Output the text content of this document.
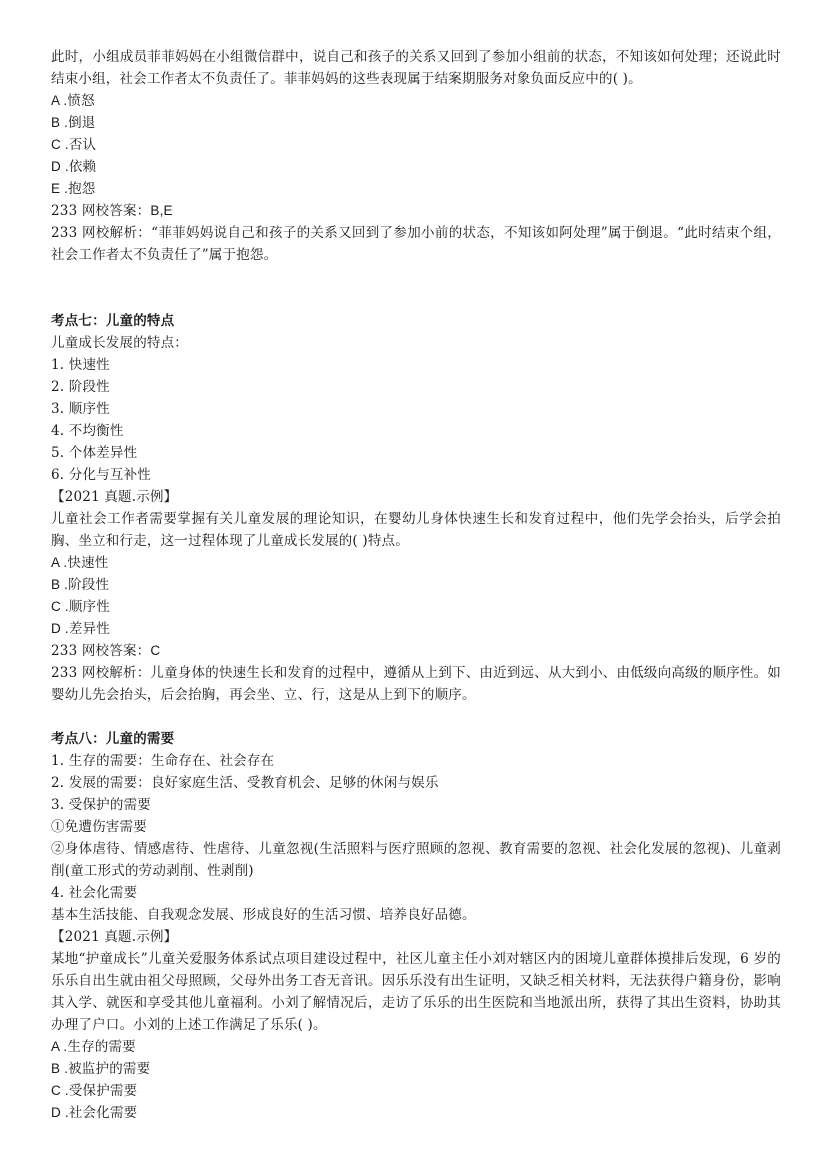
此时，小组成员菲菲妈妈在小组微信群中，说自己和孩子的关系又回到了参加小组前的状态，不知该如何处理；还说此时结束小组，社会工作者太不负责任了。菲菲妈妈的这些表现属于结案期服务对象负面反应中的( )。
A .愤怒
B .倒退
C .否认
D .依赖
E .抱怨
233 网校答案：B,E
233 网校解析：“菲菲妈妈说自己和孩子的关系又回到了参加小前的状态，不知该如阿处理”属于倒退。“此时结束个组，社会工作者太不负责任了”属于抱怨。
考点七：儿童的特点
儿童成长发展的特点：
1. 快速性
2. 阶段性
3. 顺序性
4. 不均衡性
5. 个体差异性
6. 分化与互补性
【2021 真题.示例】
儿童社会工作者需要掌握有关儿童发展的理论知识，在婴幼儿身体快速生长和发育过程中，他们先学会抬头，后学会拍胸、坐立和行走，这一过程体现了儿童成长发展的( )特点。
A .快速性
B .阶段性
C .顺序性
D .差异性
233 网校答案：C
233 网校解析：儿童身体的快速生长和发育的过程中，遵循从上到下、由近到远、从大到小、由低级向高级的顺序性。如婴幼儿先会抬头，后会抬胸，再会坐、立、行，这是从上到下的顺序。
考点八：儿童的需要
1. 生存的需要：生命存在、社会存在
2. 发展的需要：良好家庭生活、受教育机会、足够的休闲与娱乐
3. 受保护的需要
①免遭伤害需要
②身体虐待、情感虐待、性虐待、儿童忽视(生活照料与医疗照顾的忽视、教育需要的忽视、社会化发展的忽视)、儿童剥削(童工形式的劳动剥削、性剥削)
4. 社会化需要
基本生活技能、自我观念发展、形成良好的生活习惯、培养良好品德。
【2021 真题.示例】
某地“护童成长”儿童关爱服务体系试点项目建设过程中，社区儿童主任小刘对辖区内的困境儿童群体摸排后发现，6 岁的乐乐自出生就由祖父母照顾，父母外出务工杳无音讯。因乐乐没有出生证明，又缺乏相关材料，无法获得户籍身份，影响其入学、就医和享受其他儿童福利。小刘了解情况后，走访了乐乐的出生医院和当地派出所，获得了其出生资料，协助其办理了户口。小刘的上述工作满足了乐乐( )。
A .生存的需要
B .被监护的需要
C .受保护需要
D .社会化需要
